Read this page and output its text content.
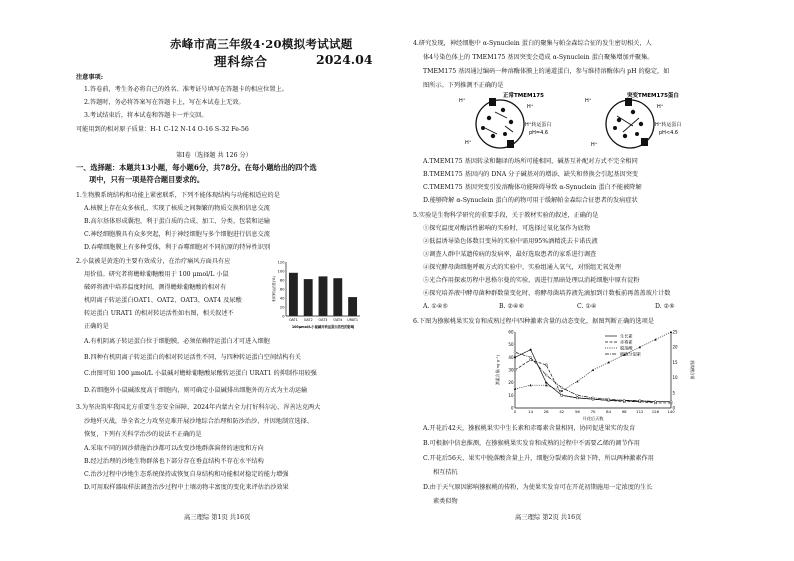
赤峰市高三年级4·20模拟考试试题
理科综合	2024.04
注意事项:
1.答卷前，考生务必将自己的姓名、准考证号填写在答题卡的相应位置上。
2.答题时，务必将答案写在答题卡上，写在本试卷上无效。
3.考试结束后，将本试卷和答题卡一并交回。
可能用到的相对原子质量：H-1 C-12 N-14 O-16 S-32 Fe-56
第Ⅰ卷（选择题 共 126 分）
一、选择题：本题共13小题，每小题6分，共78分。在每小题给出的四个选
项中，只有一项是符合题目要求的。
1.生物膜系统结构和功能上紧密联系，下列不能体现结构与功能相适应的是
A.核膜上存在众多核孔，实现了核质之间频繁的物质交换和信息交流
B.高尔基体形成囊泡，利于蛋白质的合成、加工、分类、包装和运输
C.神经细胞膜具有众多突起，利于神经细胞与多个细胞进行信息交流
D.吞噬细胞膜上有多种受体，利于吞噬细胞对不同抗原的特异性识别
2.小鼠被是黄连的主要有效成分，在治疗痛风方面具有应
用价值。研究者将蟾蜍葡糖酸用于 100 μmol/L 小鼠
破碎将液中培养温度时间，测得蟾蜍葡糖酸的相对有
机阴离子转运蛋白OAT1、OAT2、OAT3、OAT4 及尿酸
转运蛋白 URAT1 的相对转运活性如右图，相关叙述不
正确的是
120
100
80
60
40
20
0
OAT1 OAT2 OAT3 OAT4 URAT1
100μmol/L小鼠碱对转运蛋白活性的影响
相对转运活性(%)
A.有机阴离子转运蛋白位于细胞膜，必须依赖特运蛋白才可进入细胞
B.四种有机阴离子转运蛋白的相对转运活性不同，与四种转运蛋白空间结构有关
C.由图可知 100 μmol/L 小鼠碱对蟾蜍葡糖酸尿酸转运蛋白 URAT1 的抑制作用较强
D.若细胞外小鼠碱浓度高于细胞内，则可确定小鼠碱排出细胞外的方式为主动运输
3.为坚决筑牢我国北方重要生态安全屏障，2024年内蒙古全力打好科尔沁、浑善达克两大
沙地歼灭战，举全省之力攻坚克难开展沙地综合治理和防沙治沙，并因地制宜选择、
恢复，下列有关科学治沙的说法不正确的是
A.采取不同的固沙措施治沙都可以改变沙地群落演替的速度和方向
B.经过治理的沙地生物群落也下部分存在垂直结构不存在水平结构
C.治沙过程中沙地生态系统保持或恢复自身结构和功能相对稳定的能力增强
D.可用取样器取样法调查治沙过程中土壤动物丰富度的变化来评估治沙效果
高三理综 第1页 共16页
4.研究发现，神经细胞中 α-Synuclein 蛋白的聚集与帕金森综合征的发生密切相关，人
体4号染色体上的 TMEM175 基因突变会造成 α-Synuclein 蛋白聚集增加并聚集。
TMEM175 基因通过编码一种溶酶体膜上的通道蛋白，参与维持溶酶体内 pH 的稳定，如
图所示。下列推测不正确的是
正常TMEM175	突变TMEM175蛋白
H⁺
H⁺
H⁺
H⁺
H⁺
H⁺
H⁺转运蛋白
pH=4.6
H⁺转运蛋白
pH<4.6
A.TMEM175 基因转录和翻译的场所可能相同，碱基互补配对方式不完全相同
B.TMEM175 基因内的 DNA 分子碱基对的增添、缺失和替换会引起基因突变
C.TMEM175 基因突变引发溶酶体功能障碍导致 α-Synuclein 蛋白不能被降解
D.能够降解 α-Synuclein 蛋白的药物可用于缓解帕金森综合征患者的发病症状
5.实验是生物科学研究的重要手段，关于教材实验的叙述，正确的是
①探究温度对酶活性影响的实验时，可选择过氧化氢作为底物
②低温诱导染色体数目变异的实验中需用95%酒精洗去卡诺氏液
③调查人群中某遗传病的发病率，最好选取患者的家系进行调查
④探究酵母菌细胞呼吸方式的实验中，实验组通入氧气，对照组无氧处理
⑤光合作用探索历程中恩格尔曼的实验，需进行黑暗处理以消耗细胞中原有淀粉
⑥探究培养液中酵母菌种群数量变化时，将酵母菌培养液先滴加到计数板前再盖盖玻片计数
A. ①④⑤	B. ②④⑥	C. ①④	D. ②⑥
6.下图为猕猴桃果实发育和成熟过程中四种激素含量的动态变化，据图判断正确的选项是
60
50
40
30
20
10
0
25
20
15
10
5
0
0	14	28	42	56	70	84	98	112 126 140
开花后天数
激素含量(ng·g⁻¹)	脱落酸含量
生长素
赤霉素
脱落酸
细胞分裂素
A.开花后42天，猕猴桃果实中生长素和赤霉素含量相同，协同促进果实的发育
B.可根据中信息推测，在猕猴桃果实发育和成熟的过程中不需要乙烯的调节作用
C.开花后56天，果实中脱落酸含量上升，细胞分裂素的含量下降，所以两种激素作用
相互拮抗
D.由于天气原因影响猕猴桃的传粉，为使果实发育可在开花初期施用一定浓度的生长
素类似物
高三理综 第2页 共16页
